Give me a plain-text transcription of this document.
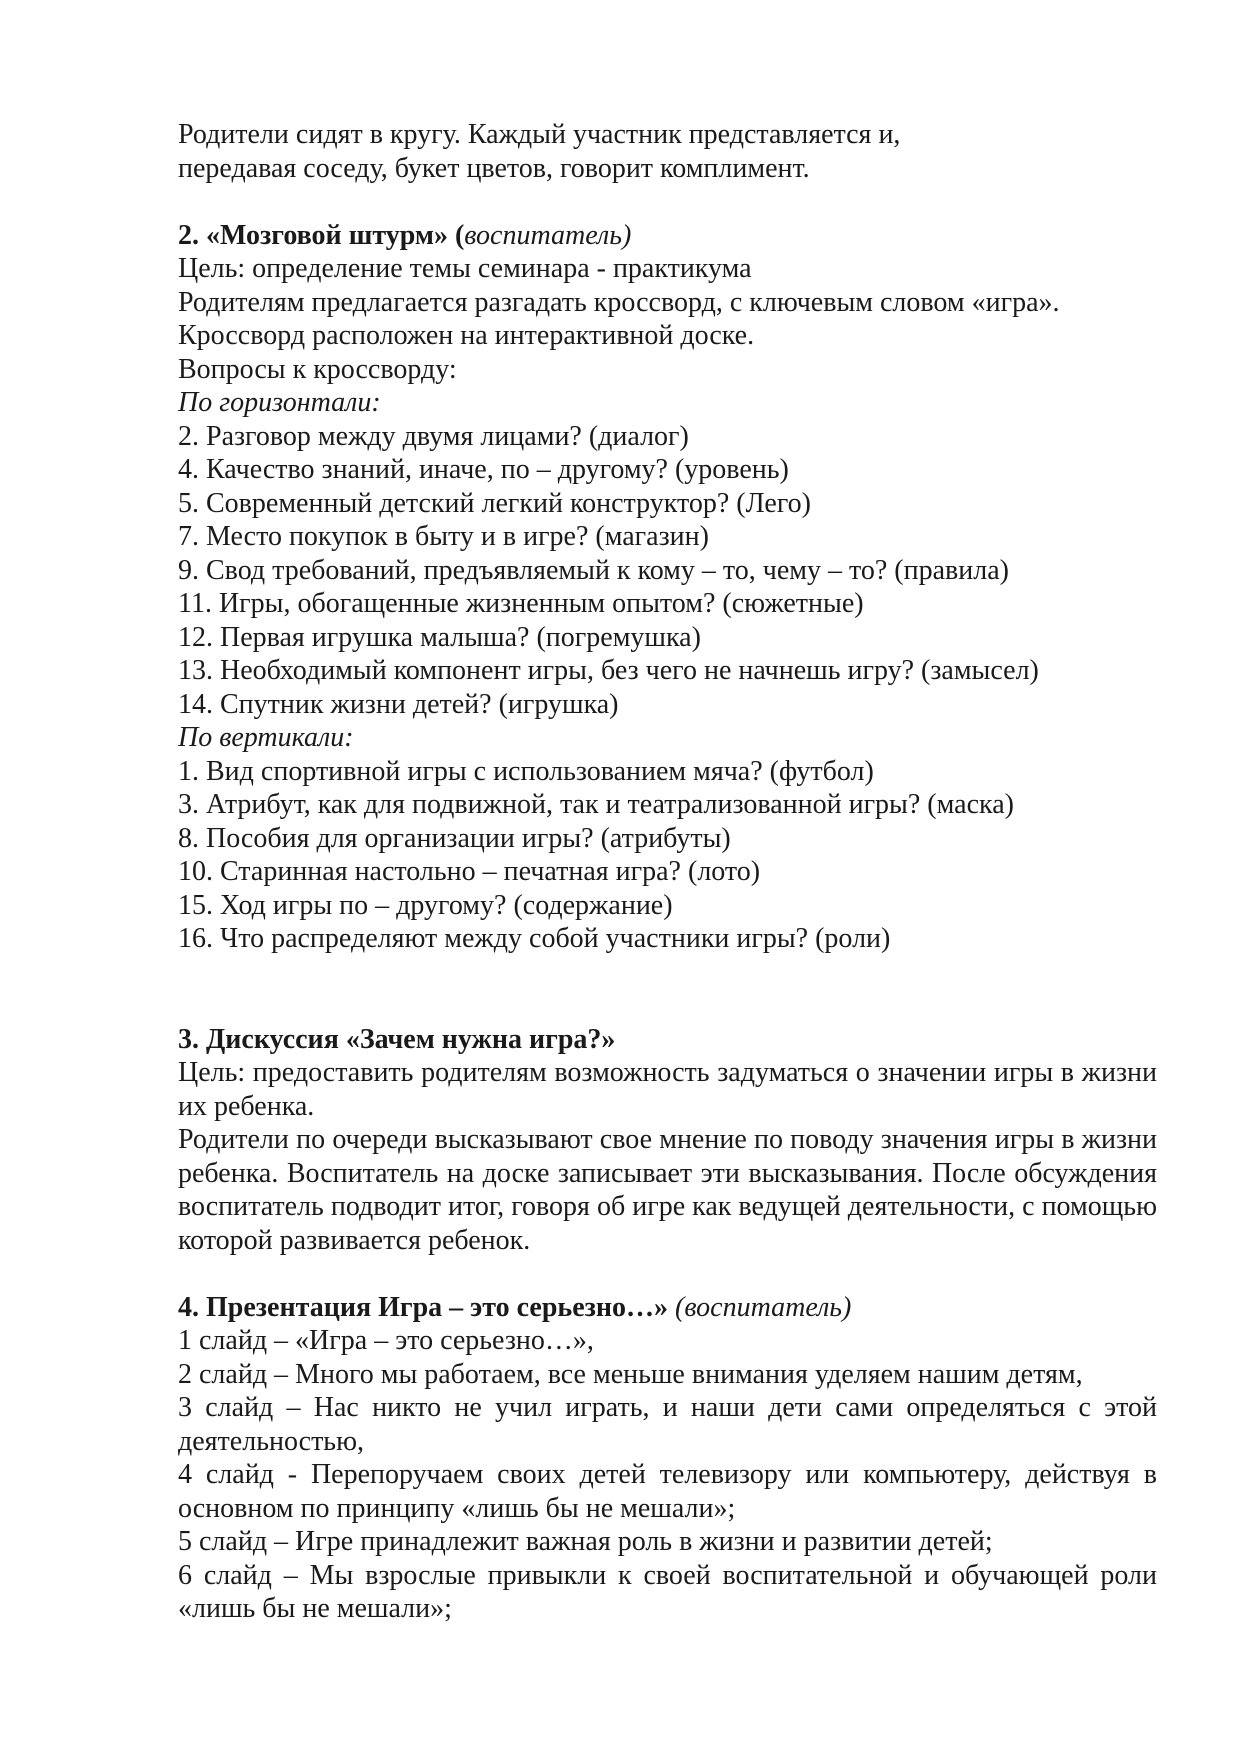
Родители сидят в кругу. Каждый участник представляется и, передавая соседу, букет цветов, говорит комплимент.

2. «Мозговой штурм» (воспитатель)

Цель: определение темы семинара - практикума

Родителям предлагается разгадать кроссворд, с ключевым словом «игра».

Кроссворд расположен на интерактивной доске.

Вопросы к кроссворду:

По горизонтали:

2. Разговор между двумя лицами? (диалог)

4. Качество знаний, иначе, по – другому? (уровень)

5. Современный детский легкий конструктор? (Лего)

7. Место покупок в быту и в игре? (магазин)

9. Свод требований, предъявляемый к кому – то, чему – то? (правила)

11. Игры, обогащенные жизненным опытом? (сюжетные)

12. Первая игрушка малыша? (погремушка)

13. Необходимый компонент игры, без чего не начнешь игру? (замысел)

14. Спутник жизни детей? (игрушка)

По вертикали:

1. Вид спортивной игры с использованием мяча? (футбол)

3. Атрибут, как для подвижной, так и театрализованной игры? (маска)

8. Пособия для организации игры? (атрибуты)

10. Старинная настольно – печатная игра? (лото)

15. Ход игры по – другому? (содержание)

16. Что распределяют между собой участники игры? (роли)

3. Дискуссия «Зачем нужна игра?»

Цель: предоставить родителям возможность задуматься о значении игры в жизни их ребенка.

Родители по очереди высказывают свое мнение по поводу значения игры в жизни ребенка. Воспитатель на доске записывает эти высказывания. После обсуждения воспитатель подводит итог, говоря об игре как ведущей деятельности, с помощью которой развивается ребенок.

4. Презентация Игра – это серьезно…» (воспитатель)

1 слайд – «Игра – это серьезно…»,

2 слайд – Много мы работаем, все меньше внимания уделяем нашим детям,

3 слайд – Нас никто не учил играть, и наши дети сами определяться с этой деятельностью,

4 слайд - Перепоручаем своих детей телевизору или компьютеру, действуя в основном по принципу «лишь бы не мешали»;

5 слайд – Игре принадлежит важная роль в жизни и развитии детей;

6 слайд – Мы взрослые привыкли к своей воспитательной и обучающей роли «лишь бы не мешали»;
